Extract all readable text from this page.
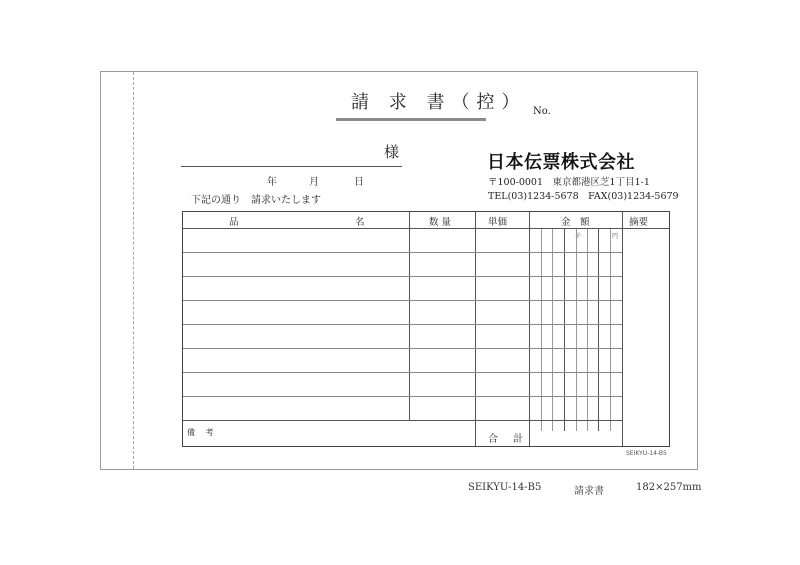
請 求 書（控） No.
様
年	月	日
下記の通り　請求いたします
日本伝票株式会社
〒100-0001　東京都港区芝1丁目1-1
TEL(03)1234-5678　FAX(03)1234-5679
品	名	数 量	単価	金　額	摘要
千	円
備 考
合 計
SEIKYU-14-B5
SEIKYU-14-B5	請求書	182×257mm
